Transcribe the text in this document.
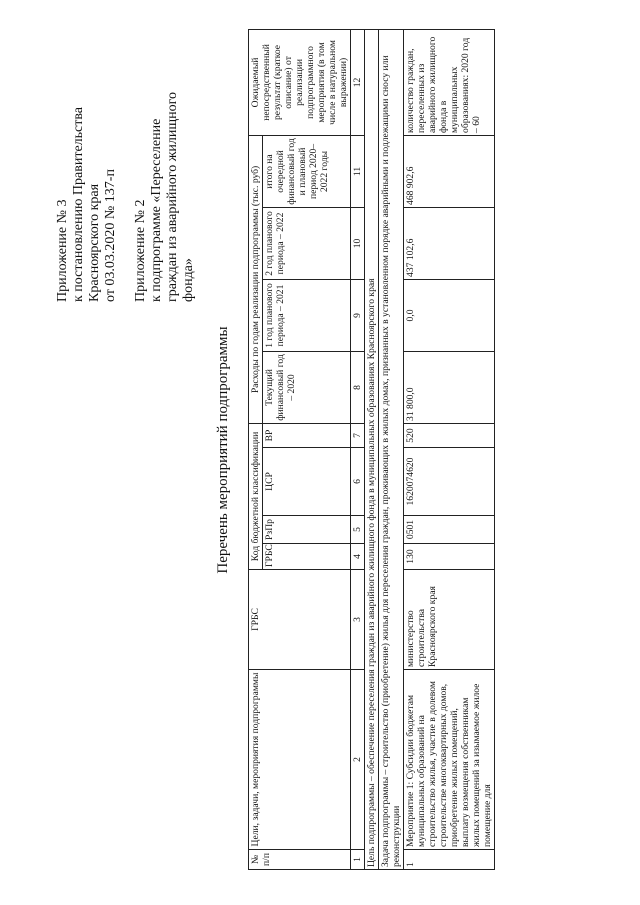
Приложение № 3 к постановлению Правительства Красноярского края от 03.03.2020 № 137-п Приложение № 2 к подпрограмме «Переселение граждан из аварийного жилищного фонда»
Перечень мероприятий подпрограммы
№ п/п	Цели, задачи, мероприятия подпрограммы	ГРБС	Код бюджетной классификации				Расходы по годам реализации подпрограммы (тыс. руб)				Ожидаемый непосредственный результат (краткое описание) от реализации подпрограммного мероприятия (в том числе в натуральном выражении)
			ГРБС	РзПр	ЦСР	ВР	Текущий финансовый год – 2020	1 год планового периода – 2021	2 год планового периода – 2022	итого на очередной финансовый год и плановый период 2020–2022 годы	

1	2	3	4	5	6	7	8	9	10	11	12
Цель подпрограммы – обеспечение переселения граждан из аварийного жилищного фонда в муниципальных образованиях Красноярского края											
Задача подпрограммы – строительство (приобретение) жилья для переселения граждан, проживающих в жилых домах, признанных в установленном порядке аварийными и подлежащими сносу или реконструкции											
1	Мероприятие 1: Субсидии бюджетам муниципальных образований на строительство жилья, участие в долевом строительстве многоквартирных домов, приобретение жилых помещений, выплату возмещения собственникам жилых помещений за изымаемое жилое помещение для	министерство строительства Красноярского края	130	0501	1620074620	520	31 800,0	0,0	437 102,6	468 902,6	количество граждан, переселенных из аварийного жилищного фонда в муниципальных образованиях: 2020 год – 60
